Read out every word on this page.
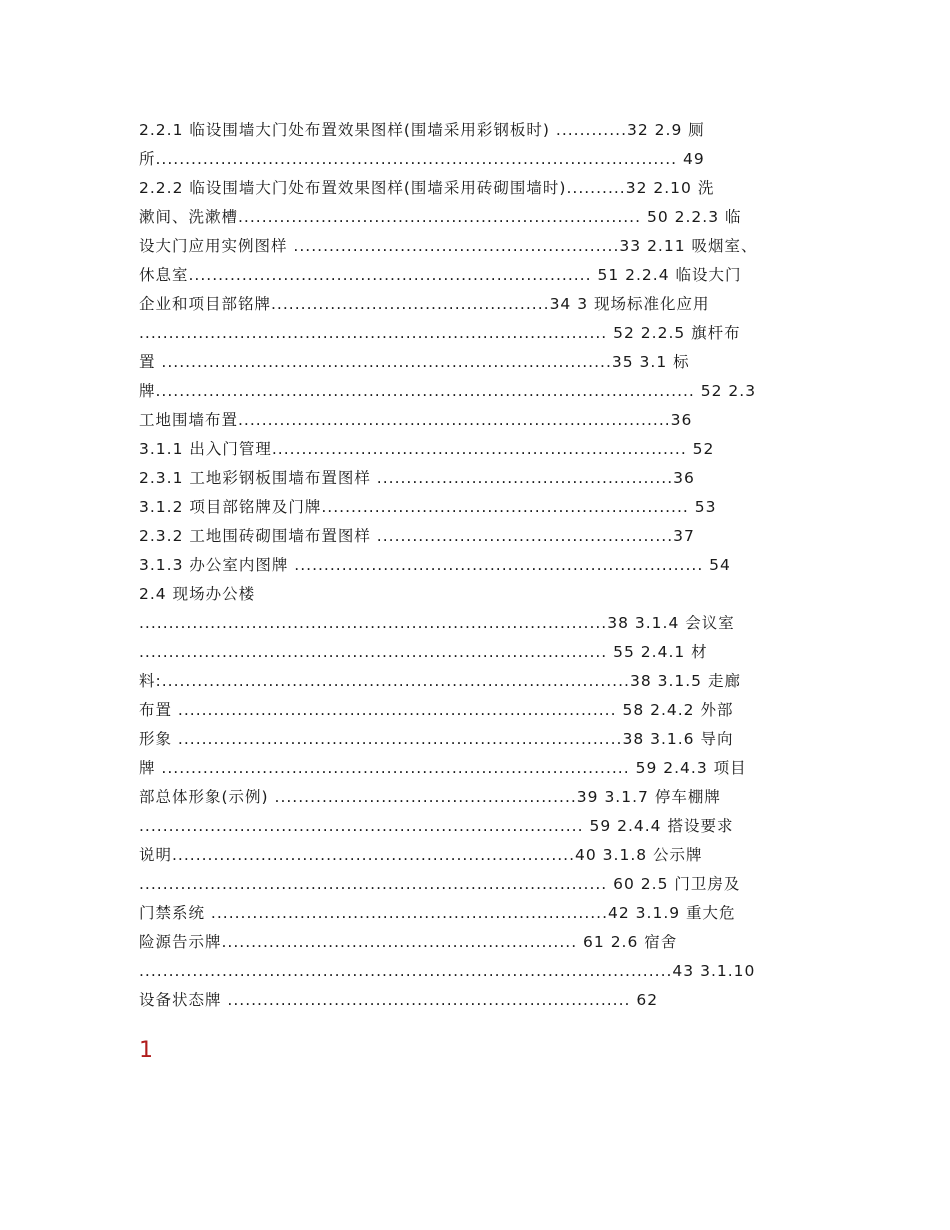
2.2.1 临设围墙大门处布置效果图样(围墙采用彩钢板时) ............32 2.9 厕
所........................................................................................ 49
2.2.2 临设围墙大门处布置效果图样(围墙采用砖砌围墙时)..........32 2.10 洗
漱间、洗漱槽.................................................................... 50 2.2.3 临
设大门应用实例图样 .......................................................33 2.11 吸烟室、
休息室.................................................................... 51 2.2.4 临设大门
企业和项目部铭牌...............................................34 3 现场标准化应用
............................................................................... 52 2.2.5 旗杆布
置 ............................................................................35 3.1 标
牌........................................................................................... 52 2.3
工地围墙布置.........................................................................36
3.1.1 出入门管理...................................................................... 52
2.3.1 工地彩钢板围墙布置图样 ..................................................36
3.1.2 项目部铭牌及门牌.............................................................. 53
2.3.2 工地围砖砌围墙布置图样 ..................................................37
3.1.3 办公室内图牌 ..................................................................... 54
2.4 现场办公楼
...............................................................................38 3.1.4 会议室
............................................................................... 55 2.4.1 材
料:...............................................................................38 3.1.5 走廊
布置 .......................................................................... 58 2.4.2 外部
形象 ...........................................................................38 3.1.6 导向
牌 ............................................................................... 59 2.4.3 项目
部总体形象(示例) ...................................................39 3.1.7 停车棚牌
........................................................................... 59 2.4.4 搭设要求
说明....................................................................40 3.1.8 公示牌
............................................................................... 60 2.5 门卫房及
门禁系统 ...................................................................42 3.1.9 重大危
险源告示牌............................................................ 61 2.6 宿舍
..........................................................................................43 3.1.10
设备状态牌 .................................................................... 62
1
